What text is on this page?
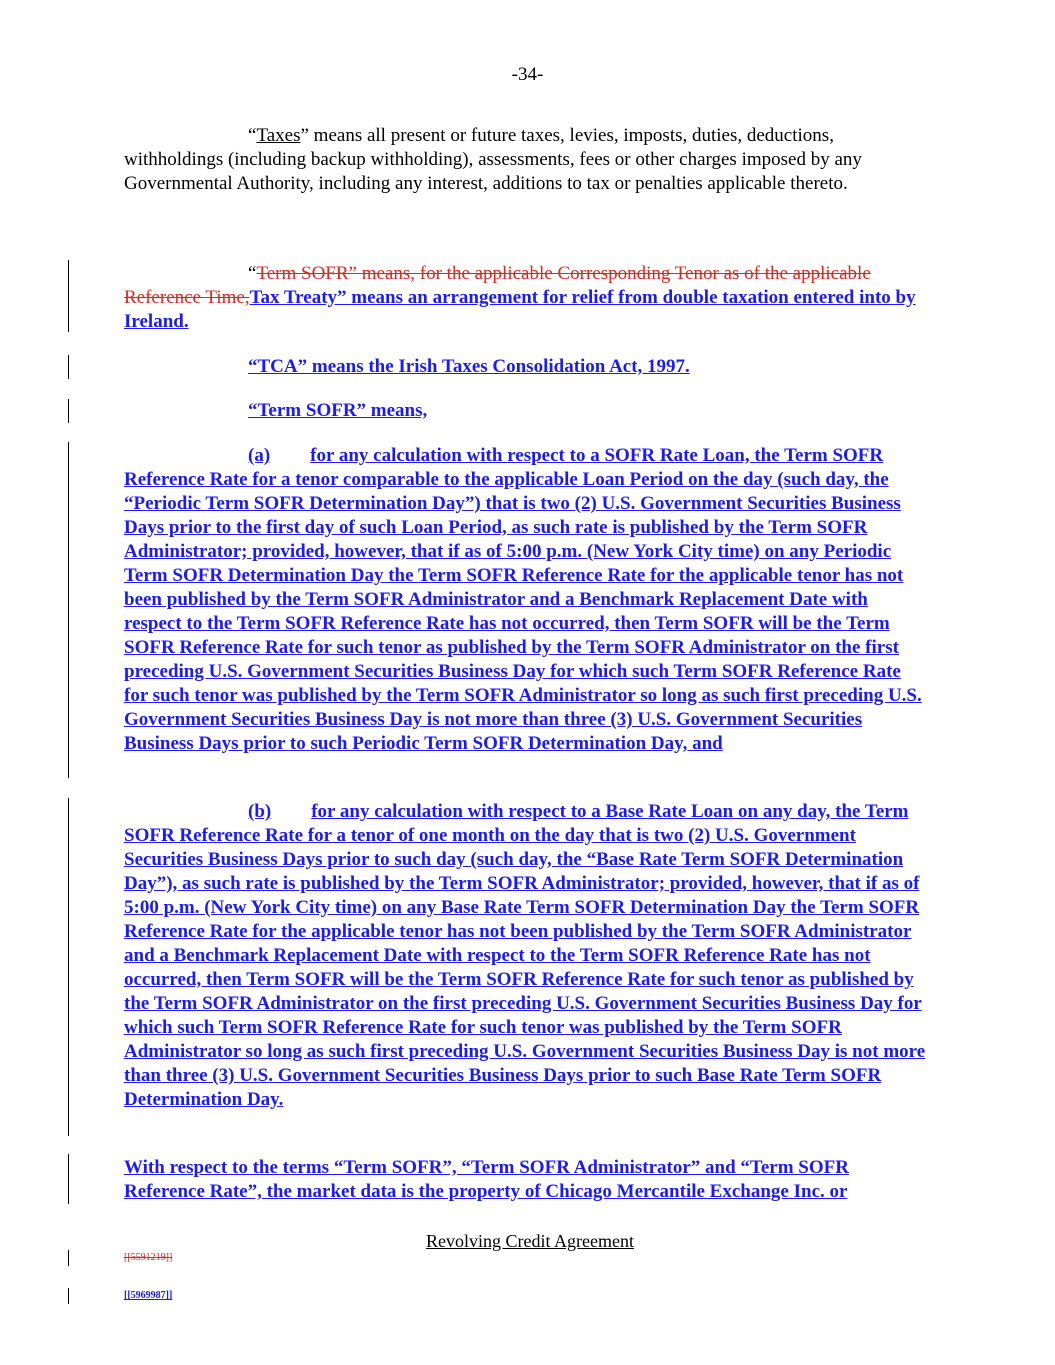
-34-
“Taxes” means all present or future taxes, levies, imposts, duties, deductions, withholdings (including backup withholding), assessments, fees or other charges imposed by any Governmental Authority, including any interest, additions to tax or penalties applicable thereto.
“Term SOFR” means, for the applicable Corresponding Tenor as of the applicable Reference Time,Tax Treaty” means an arrangement for relief from double taxation entered into by Ireland.
“TCA” means the Irish Taxes Consolidation Act, 1997.
“Term SOFR” means,
(a) for any calculation with respect to a SOFR Rate Loan, the Term SOFR Reference Rate for a tenor comparable to the applicable Loan Period on the day (such day, the “Periodic Term SOFR Determination Day”) that is two (2) U.S. Government Securities Business Days prior to the first day of such Loan Period, as such rate is published by the Term SOFR Administrator; provided, however, that if as of 5:00 p.m. (New York City time) on any Periodic Term SOFR Determination Day the Term SOFR Reference Rate for the applicable tenor has not been published by the Term SOFR Administrator and a Benchmark Replacement Date with respect to the Term SOFR Reference Rate has not occurred, then Term SOFR will be the Term SOFR Reference Rate for such tenor as published by the Term SOFR Administrator on the first preceding U.S. Government Securities Business Day for which such Term SOFR Reference Rate for such tenor was published by the Term SOFR Administrator so long as such first preceding U.S. Government Securities Business Day is not more than three (3) U.S. Government Securities Business Days prior to such Periodic Term SOFR Determination Day, and
(b) for any calculation with respect to a Base Rate Loan on any day, the Term SOFR Reference Rate for a tenor of one month on the day that is two (2) U.S. Government Securities Business Days prior to such day (such day, the “Base Rate Term SOFR Determination Day”), as such rate is published by the Term SOFR Administrator; provided, however, that if as of 5:00 p.m. (New York City time) on any Base Rate Term SOFR Determination Day the Term SOFR Reference Rate for the applicable tenor has not been published by the Term SOFR Administrator and a Benchmark Replacement Date with respect to the Term SOFR Reference Rate has not occurred, then Term SOFR will be the Term SOFR Reference Rate for such tenor as published by the Term SOFR Administrator on the first preceding U.S. Government Securities Business Day for which such Term SOFR Reference Rate for such tenor was published by the Term SOFR Administrator so long as such first preceding U.S. Government Securities Business Day is not more than three (3) U.S. Government Securities Business Days prior to such Base Rate Term SOFR Determination Day.
With respect to the terms “Term SOFR”, “Term SOFR Administrator” and “Term SOFR Reference Rate”, the market data is the property of Chicago Mercantile Exchange Inc. or
Revolving Credit Agreement
[[5591219]]
[[5969987]]
